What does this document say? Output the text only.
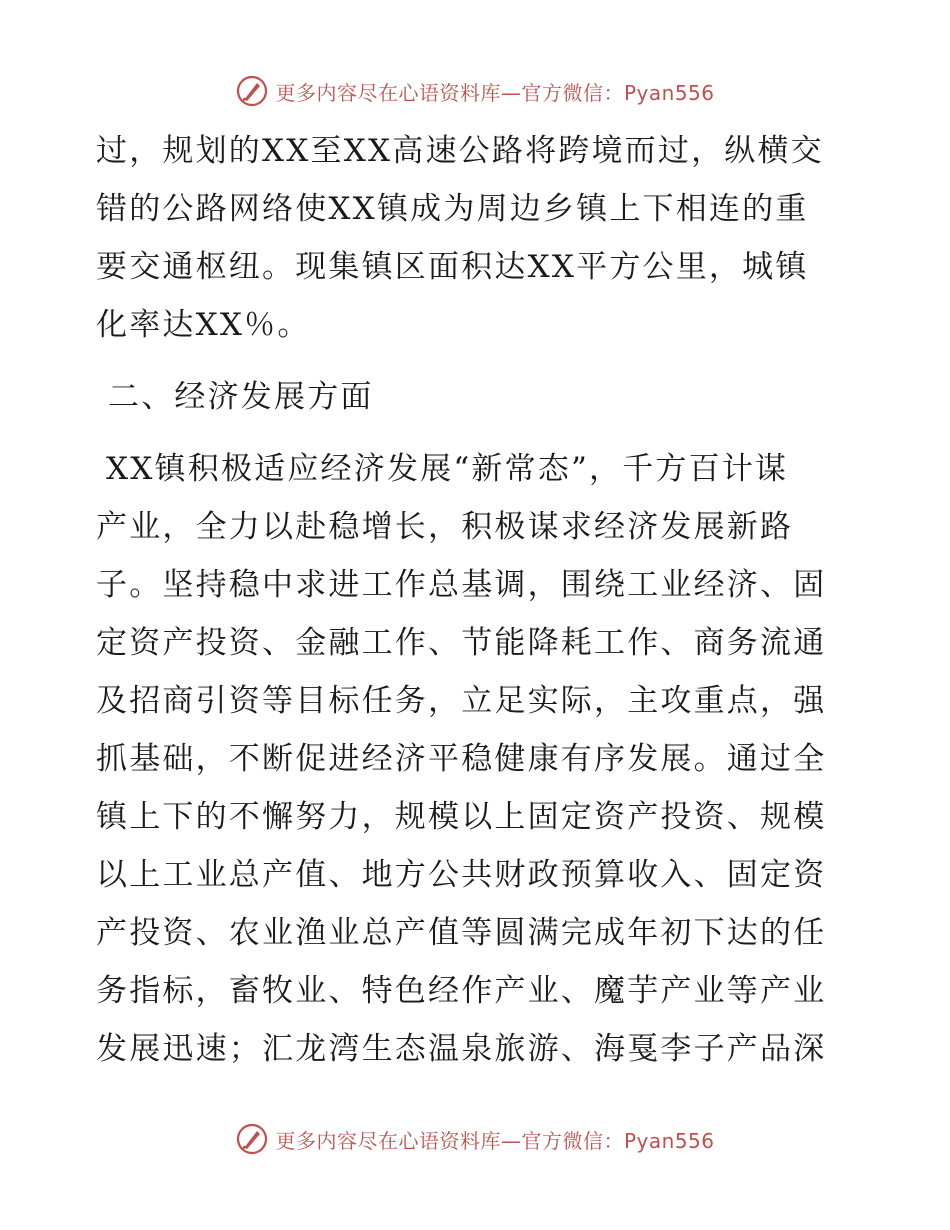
更多内容尽在心语资料库—官方微信：Pyan556
过，规划的XX至XX高速公路将跨境而过，纵横交
错的公路网络使XX镇成为周边乡镇上下相连的重
要交通枢纽。现集镇区面积达XX平方公里，城镇
化率达XX％。
二、经济发展方面
XX镇积极适应经济发展“新常态”，千方百计谋
产业，全力以赴稳增长，积极谋求经济发展新路
子。坚持稳中求进工作总基调，围绕工业经济、固
定资产投资、金融工作、节能降耗工作、商务流通
及招商引资等目标任务，立足实际，主攻重点，强
抓基础，不断促进经济平稳健康有序发展。通过全
镇上下的不懈努力，规模以上固定资产投资、规模
以上工业总产值、地方公共财政预算收入、固定资
产投资、农业渔业总产值等圆满完成年初下达的任
务指标，畜牧业、特色经作产业、魔芋产业等产业
发展迅速；汇龙湾生态温泉旅游、海戛李子产品深
更多内容尽在心语资料库—官方微信：Pyan556
